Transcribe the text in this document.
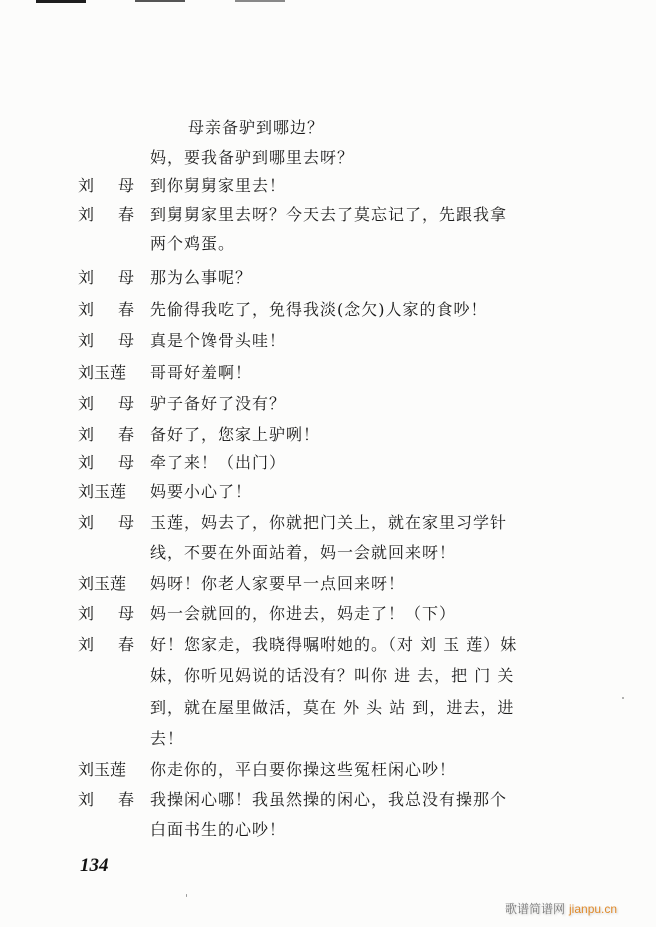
母亲备驴到哪边？
妈，要我备驴到哪里去呀？
刘 母 到你舅舅家里去！
刘 春 到舅舅家里去呀？今天去了莫忘记了，先跟我拿
两个鸡蛋。
刘 母 那为么事呢？
刘 春 先偷得我吃了，免得我淡(念欠)人家的食吵！
刘 母 真是个馋骨头哇！
刘玉莲	哥哥好羞啊！
刘 母 驴子备好了没有？
刘 春 备好了，您家上驴咧！
刘 母 牵了来！（出门）
刘玉莲	妈要小心了！
刘 母 玉莲，妈去了，你就把门关上，就在家里习学针
线，不要在外面站着，妈一会就回来呀！
刘玉莲	妈呀！你老人家要早一点回来呀！
刘 母 妈一会就回的，你进去，妈走了！（下）
刘 春 好！您家走，我晓得嘱咐她的。（对 刘 玉 莲）妹
妹，你听见妈说的话没有？叫你 进 去，把 门 关
到，就在屋里做活，莫在 外 头 站 到，进去，进
去！
刘玉莲	你走你的，平白要你操这些冤枉闲心吵！
刘 春 我操闲心哪！我虽然操的闲心，我总没有操那个
白面书生的心吵！
134
歌谱简谱网 jianpu.cn
